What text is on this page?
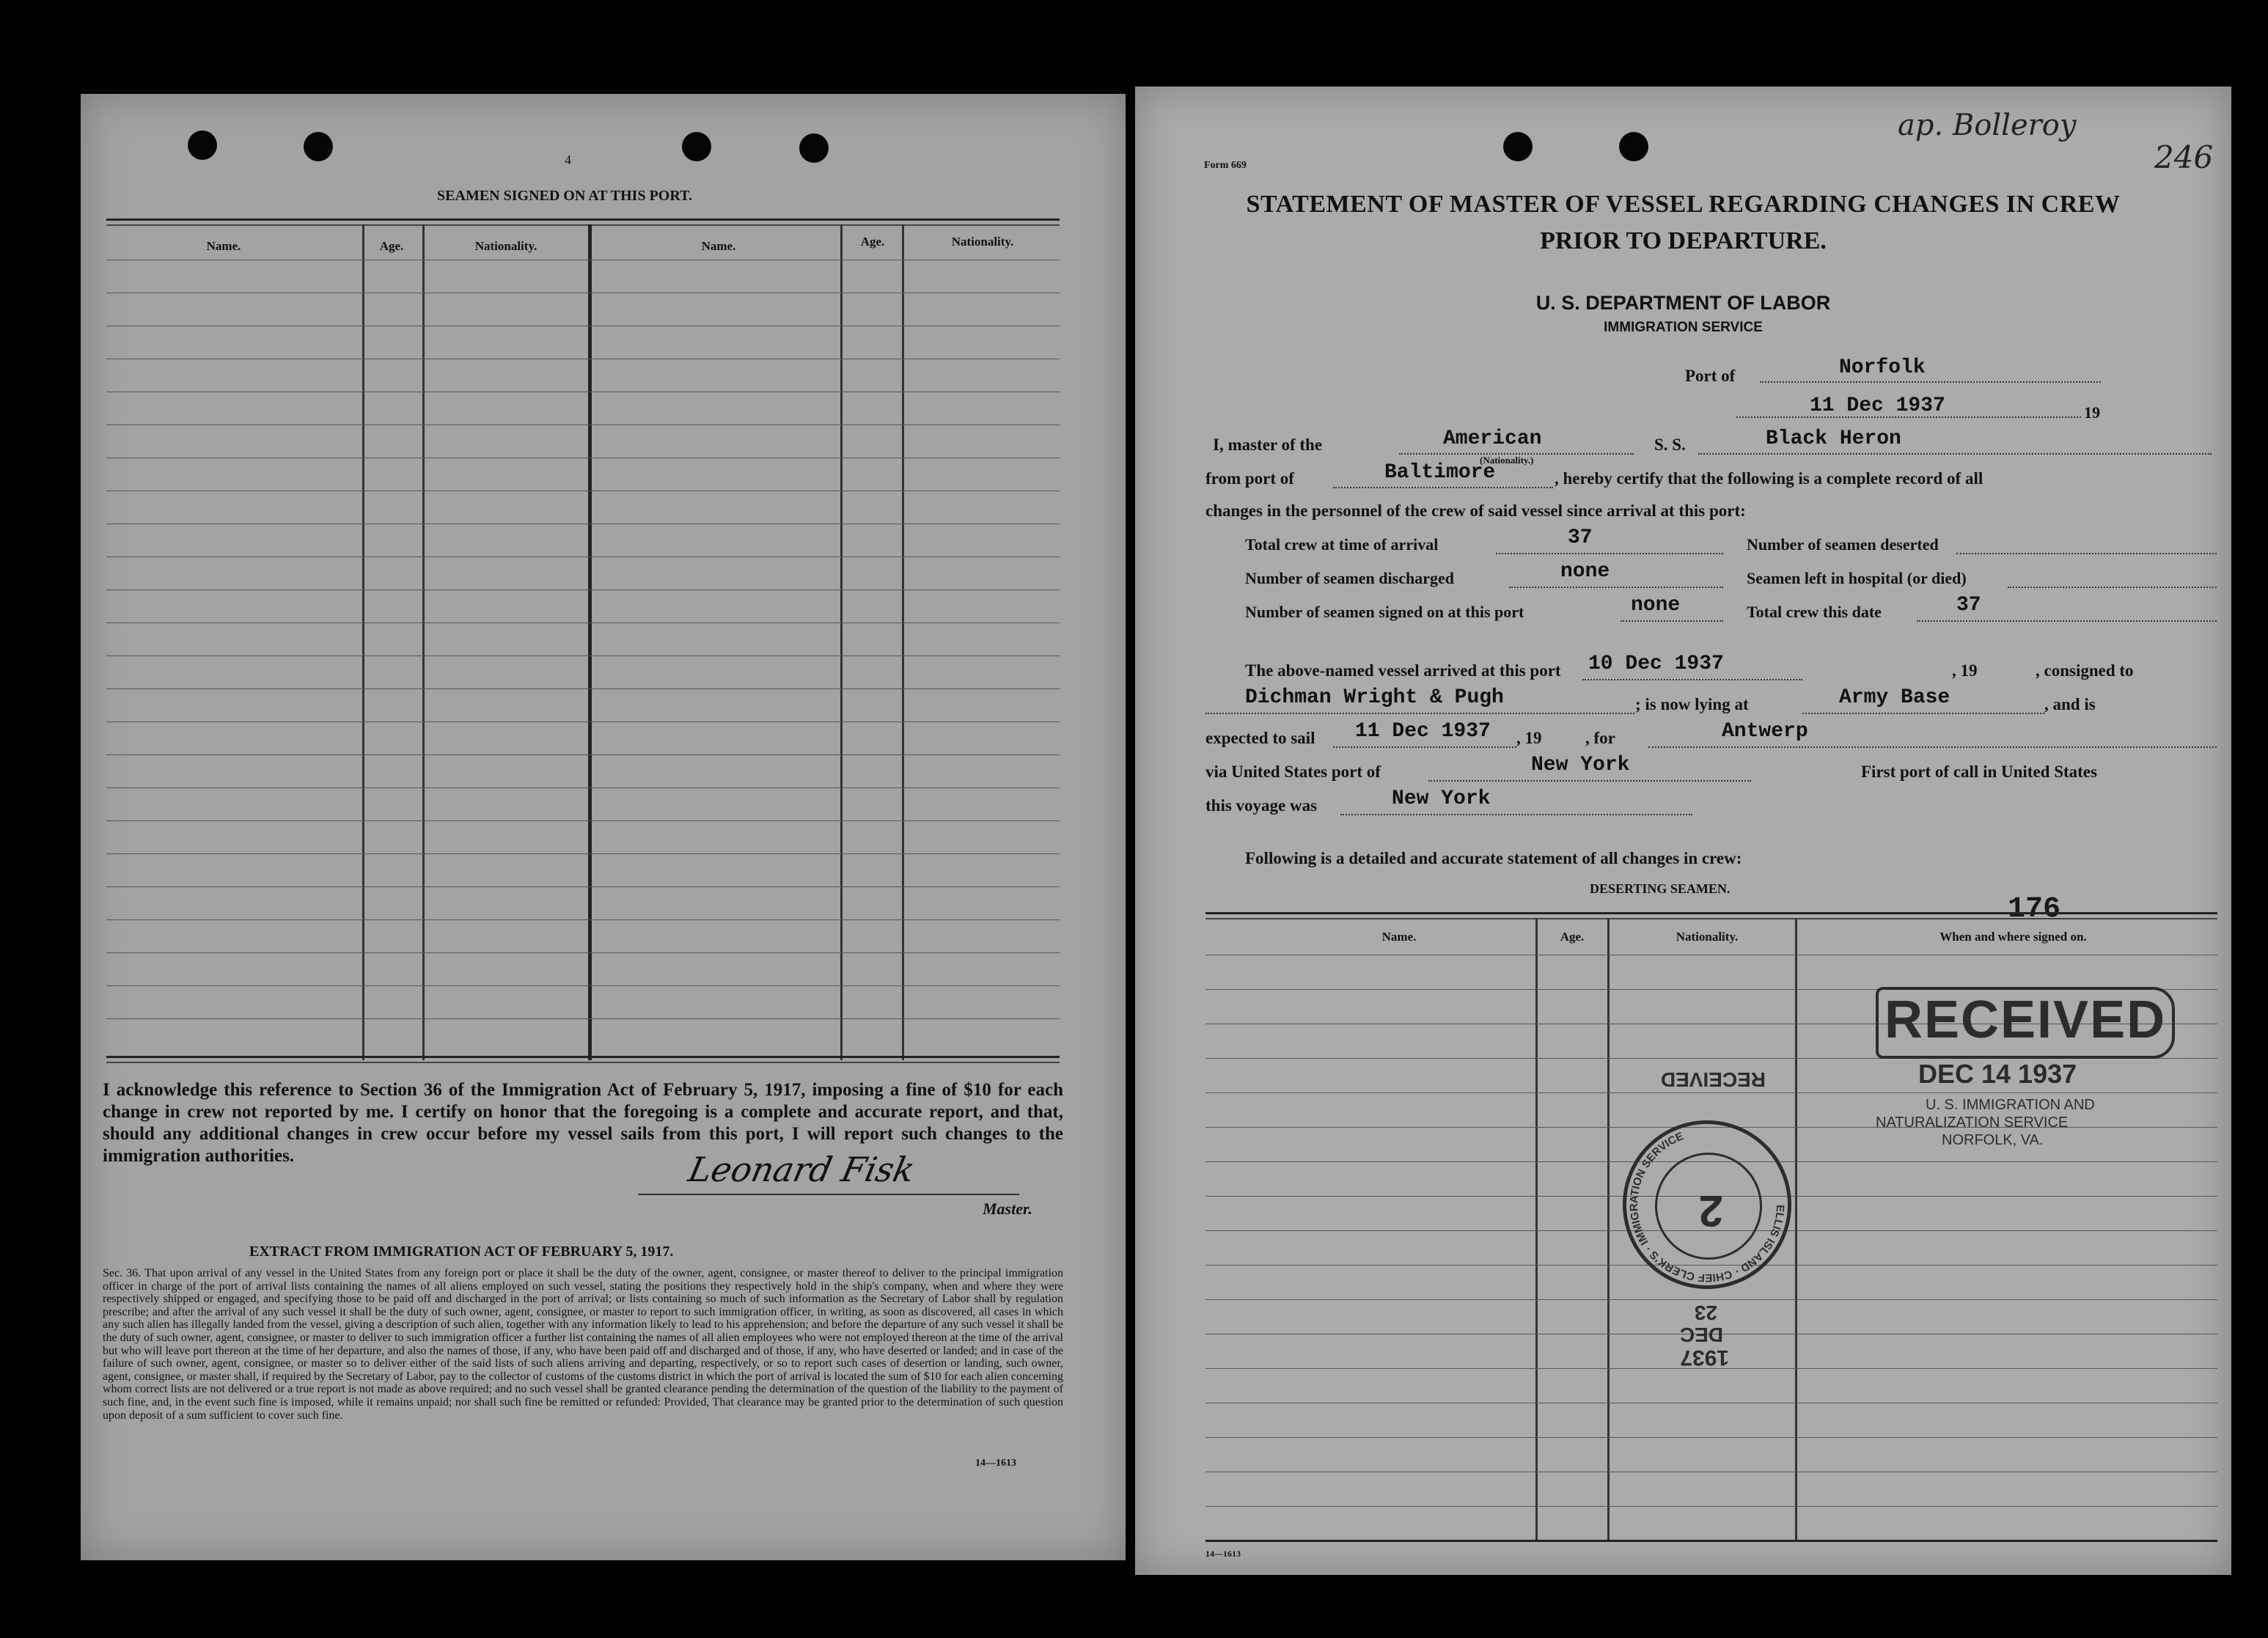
4
SEAMEN SIGNED ON AT THIS PORT.
Name.	Age.	Nationality.	Name.	Age.	Nationality.
I acknowledge this reference to Section 36 of the Immigration Act of February 5, 1917, imposing a fine of $10 for each change in crew not reported by me. I certify on honor that the foregoing is a complete and accurate report, and that, should any additional changes in crew occur before my vessel sails from this port, I will report such changes to the immigration authorities.	Leonard Fisk
Master.
EXTRACT FROM IMMIGRATION ACT OF FEBRUARY 5, 1917.
Sec. 36. That upon arrival of any vessel in the United States from any foreign port or place it shall be the duty of the owner, agent, consignee, or master thereof to deliver to the principal immigration officer in charge of the port of arrival lists containing the names of all aliens employed on such vessel, stating the positions they respectively hold in the ship's company, when and where they were respectively shipped or engaged, and specifying those to be paid off and discharged in the port of arrival; or lists containing so much of such information as the Secretary of Labor shall by regulation prescribe; and after the arrival of any such vessel it shall be the duty of such owner, agent, consignee, or master to report to such immigration officer, in writing, as soon as discovered, all cases in which any such alien has illegally landed from the vessel, giving a description of such alien, together with any information likely to lead to his apprehension; and before the departure of any such vessel it shall be the duty of such owner, agent, consignee, or master to deliver to such immigration officer a further list containing the names of all alien employees who were not employed thereon at the time of the arrival but who will leave port thereon at the time of her departure, and also the names of those, if any, who have been paid off and discharged and of those, if any, who have deserted or landed; and in case of the failure of such owner, agent, consignee, or master so to deliver either of the said lists of such aliens arriving and departing, respectively, or so to report such cases of desertion or landing, such owner, agent, consignee, or master shall, if required by the Secretary of Labor, pay to the collector of customs of the customs district in which the port of arrival is located the sum of $10 for each alien concerning whom correct lists are not delivered or a true report is not made as above required; and no such vessel shall be granted clearance pending the determination of the question of the liability to the payment of such fine, and, in the event such fine is imposed, while it remains unpaid; nor shall such fine be remitted or refunded: Provided, That clearance may be granted prior to the determination of such question upon deposit of a sum sufficient to cover such fine.
14—1613
Form 669
ap. Bolleroy
246
STATEMENT OF MASTER OF VESSEL REGARDING CHANGES IN CREW
PRIOR TO DEPARTURE.
U. S. DEPARTMENT OF LABOR
IMMIGRATION SERVICE
Port of	Norfolk
11 Dec 1937	19
I, master of the	American
(Nationality.)
S. S.	Black Heron
from port of	Baltimore	, hereby certify that the following is a complete record of all
changes in the personnel of the crew of said vessel since arrival at this port:
Total crew at time of arrival	37
Number of seamen discharged	none
Number of seamen signed on at this port	none
Number of seamen deserted
Seamen left in hospital (or died)
Total crew this date	37
The above-named vessel arrived at this port 10 Dec 1937	, 19	, consigned to
Dichman Wright & Pugh	; is now lying at	Army Base	, and is
expected to sail 11 Dec 1937 , 19	, for	Antwerp
via United States port of	New York	First port of call in United States
this voyage was	New York
Following is a detailed and accurate statement of all changes in crew:
DESERTING SEAMEN.
176
Name.	Age.	Nationality.	When and where signed on.
RECEIVED
DEC 14 1937
U. S. IMMIGRATION AND
NATURALIZATION SERVICE
NORFOLK, VA.
1937
DEC
23
ELLIS ISLAND · CHIEF CLERK'S · IMMIGRATION SERVICE
2
RECEIVED
14—1613
